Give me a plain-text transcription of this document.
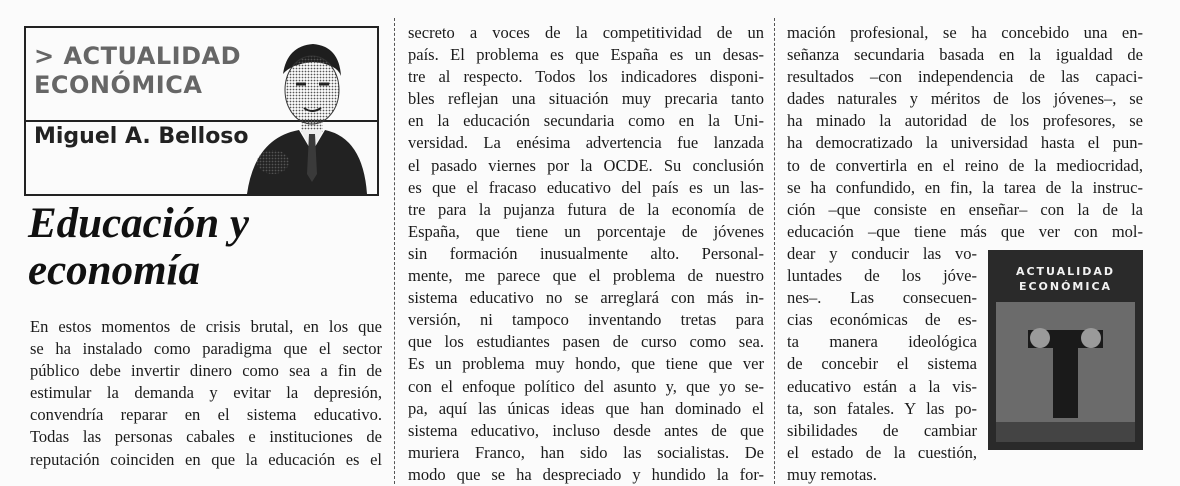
> ACTUALIDAD
ECONÓMICA
Miguel A. Belloso
Educación y
economía
En estos momentos de crisis brutal, en los que
se ha instalado como paradigma que el sector
público debe invertir dinero como sea a fin de
estimular la demanda y evitar la depresión,
convendría reparar en el sistema educativo.
Todas las personas cabales e instituciones de
reputación coinciden en que la educación es el
secreto a voces de la competitividad de un
país. El problema es que España es un desas-
tre al respecto. Todos los indicadores disponi-
bles reflejan una situación muy precaria tanto
en la educación secundaria como en la Uni-
versidad. La enésima advertencia fue lanzada
el pasado viernes por la OCDE. Su conclusión
es que el fracaso educativo del país es un las-
tre para la pujanza futura de la economía de
España, que tiene un porcentaje de jóvenes
sin formación inusualmente alto. Personal-
mente, me parece que el problema de nuestro
sistema educativo no se arreglará con más in-
versión, ni tampoco inventando tretas para
que los estudiantes pasen de curso como sea.
Es un problema muy hondo, que tiene que ver
con el enfoque político del asunto y, que yo se-
pa, aquí las únicas ideas que han dominado el
sistema educativo, incluso desde antes de que
muriera Franco, han sido las socialistas. De
modo que se ha despreciado y hundido la for-
mación profesional, se ha concebido una en-
señanza secundaria basada en la igualdad de
resultados –con independencia de las capaci-
dades naturales y méritos de los jóvenes–, se
ha minado la autoridad de los profesores, se
ha democratizado la universidad hasta el pun-
to de convertirla en el reino de la mediocridad,
se ha confundido, en fin, la tarea de la instruc-
ción –que consiste en enseñar– con la de la
educación –que tiene más que ver con mol-
dear y conducir las vo-
luntades de los jóve-
nes–. Las consecuen-
cias económicas de es-
ta manera ideológica
de concebir el sistema
educativo están a la vis-
ta, son fatales. Y las po-
sibilidades de cambiar
el estado de la cuestión,
muy remotas.
ACTUALIDAD
ECONÓMICA
